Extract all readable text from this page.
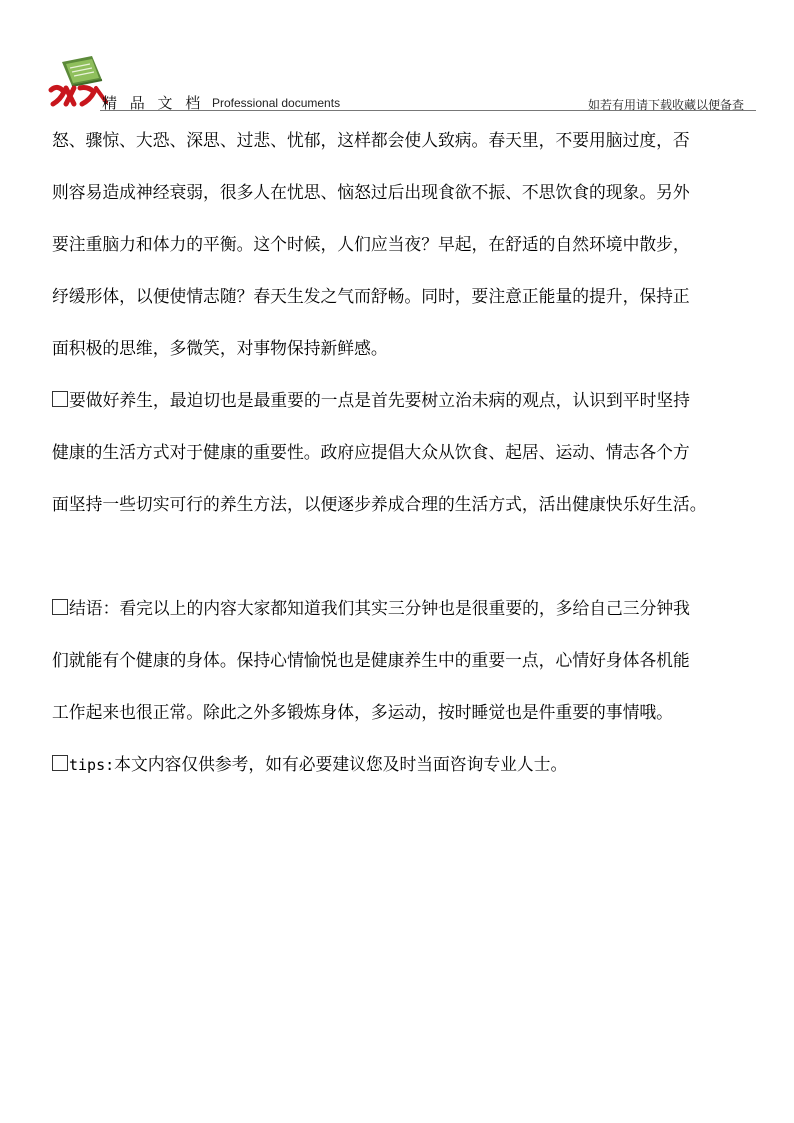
精 品 文 档 Professional documents	如若有用请下载收藏以便备查
怒、骤惊、大恐、深思、过悲、忧郁，这样都会使人致病。春天里，不要用脑过度，否
则容易造成神经衰弱，很多人在忧思、恼怒过后出现食欲不振、不思饮食的现象。另外
要注重脑力和体力的平衡。这个时候，人们应当夜？早起，在舒适的自然环境中散步，
纾缓形体，以便使情志随？春天生发之气而舒畅。同时，要注意正能量的提升，保持正
面积极的思维，多微笑，对事物保持新鲜感。
要做好养生，最迫切也是最重要的一点是首先要树立治未病的观点，认识到平时坚持
健康的生活方式对于健康的重要性。政府应提倡大众从饮食、起居、运动、情志各个方
面坚持一些切实可行的养生方法，以便逐步养成合理的生活方式，活出健康快乐好生活。
结语：看完以上的内容大家都知道我们其实三分钟也是很重要的，多给自己三分钟我
们就能有个健康的身体。保持心情愉悦也是健康养生中的重要一点，心情好身体各机能
工作起来也很正常。除此之外多锻炼身体，多运动，按时睡觉也是件重要的事情哦。
tips:本文内容仅供参考，如有必要建议您及时当面咨询专业人士。
